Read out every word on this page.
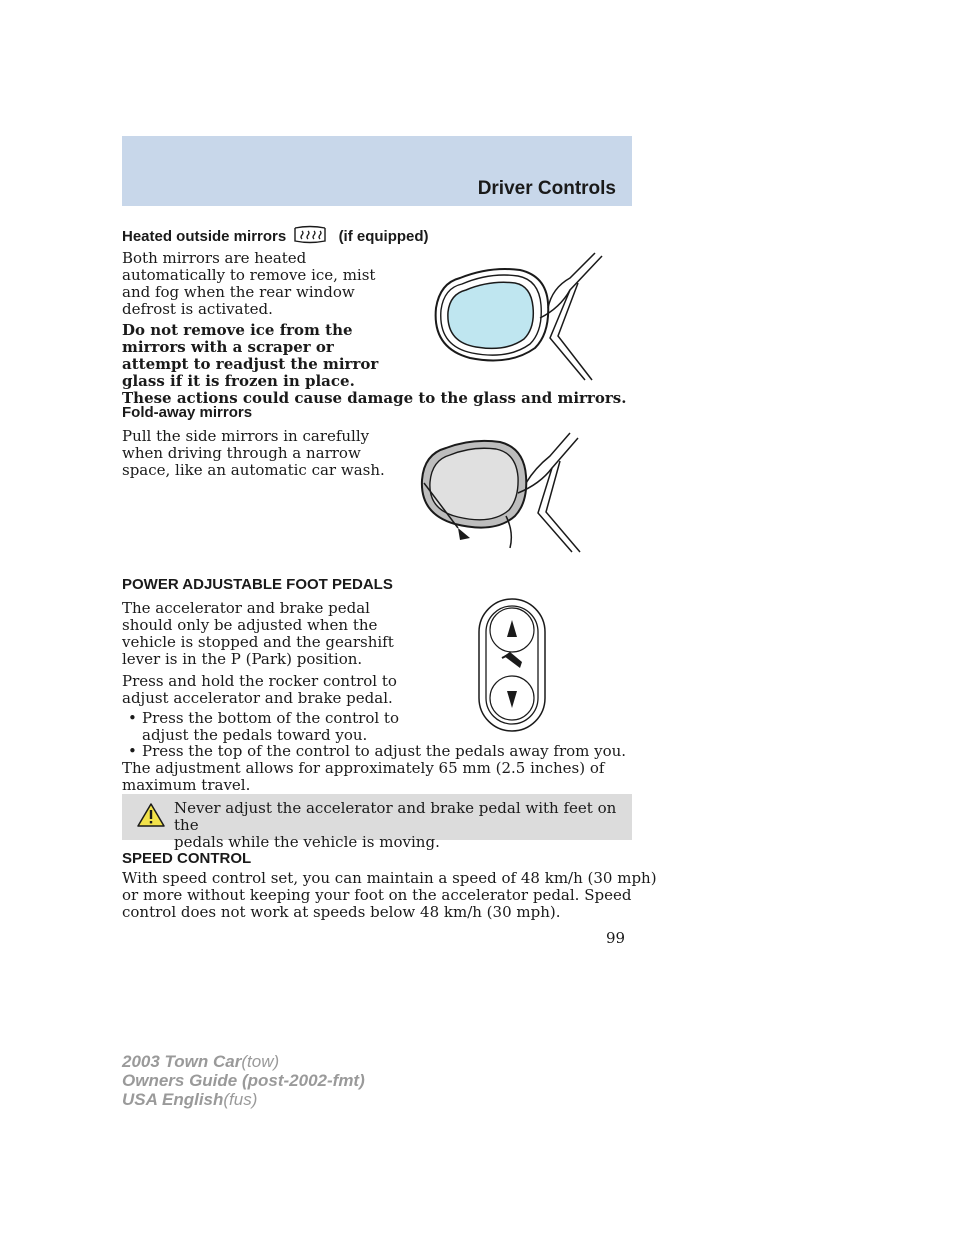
Driver Controls
Heated outside mirrors	(if equipped)
Both mirrors are heated
automatically to remove ice, mist
and fog when the rear window
defrost is activated.
Do not remove ice from the
mirrors with a scraper or
attempt to readjust the mirror
glass if it is frozen in place.
These actions could cause damage to the glass and mirrors.
Fold-away mirrors
Pull the side mirrors in carefully
when driving through a narrow
space, like an automatic car wash.
POWER ADJUSTABLE FOOT PEDALS
The accelerator and brake pedal
should only be adjusted when the
vehicle is stopped and the gearshift
lever is in the P (Park) position.
Press and hold the rocker control to
adjust accelerator and brake pedal.
• Press the bottom of the control to
adjust the pedals toward you.
• Press the top of the control to adjust the pedals away from you.
The adjustment allows for approximately 65 mm (2.5 inches) of
maximum travel.
Never adjust the accelerator and brake pedal with feet on the
pedals while the vehicle is moving.
SPEED CONTROL
With speed control set, you can maintain a speed of 48 km/h (30 mph)
or more without keeping your foot on the accelerator pedal. Speed
control does not work at speeds below 48 km/h (30 mph).
99
2003 Town Car(tow)
Owners Guide (post-2002-fmt)
USA English(fus)
